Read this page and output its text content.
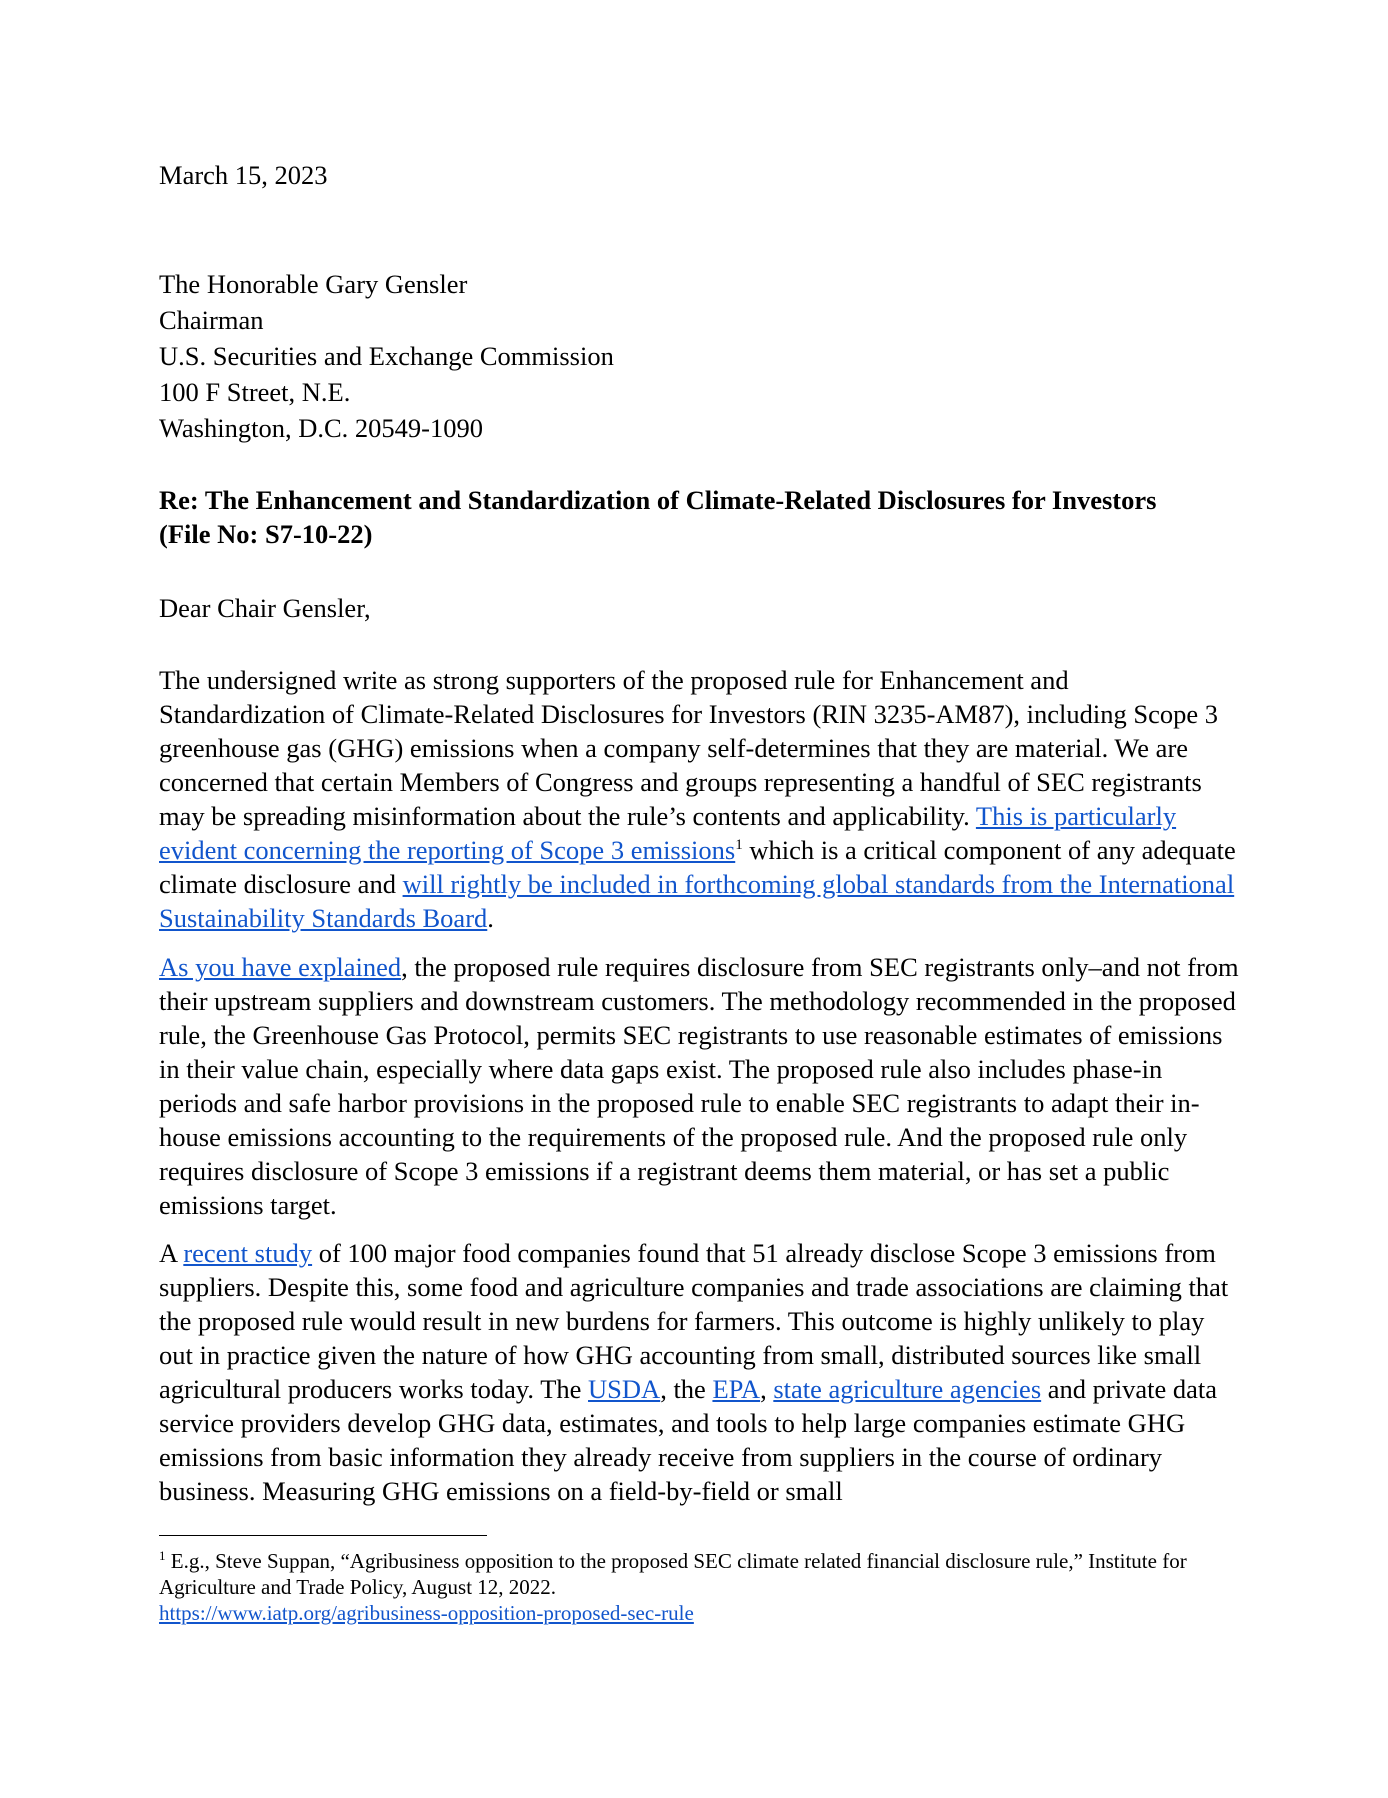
March 15, 2023
The Honorable Gary Gensler
Chairman
U.S. Securities and Exchange Commission
100 F Street, N.E.
Washington, D.C. 20549-1090
Re: The Enhancement and Standardization of Climate-Related Disclosures for Investors
(File No: S7-10-22)
Dear Chair Gensler,

The undersigned write as strong supporters of the proposed rule for Enhancement and Standardization of Climate-Related Disclosures for Investors (RIN 3235-AM87), including Scope 3 greenhouse gas (GHG) emissions when a company self-determines that they are material. We are concerned that certain Members of Congress and groups representing a handful of SEC registrants may be spreading misinformation about the rule’s contents and applicability. This is particularly evident concerning the reporting of Scope 3 emissions$^1$ which is a critical component of any adequate climate disclosure and will rightly be included in forthcoming global standards from the International Sustainability Standards Board.

As you have explained, the proposed rule requires disclosure from SEC registrants only–and not from their upstream suppliers and downstream customers. The methodology recommended in the proposed rule, the Greenhouse Gas Protocol, permits SEC registrants to use reasonable estimates of emissions in their value chain, especially where data gaps exist. The proposed rule also includes phase-in periods and safe harbor provisions in the proposed rule to enable SEC registrants to adapt their in-house emissions accounting to the requirements of the proposed rule. And the proposed rule only requires disclosure of Scope 3 emissions if a registrant deems them material, or has set a public emissions target.

A recent study of 100 major food companies found that 51 already disclose Scope 3 emissions from suppliers. Despite this, some food and agriculture companies and trade associations are claiming that the proposed rule would result in new burdens for farmers. This outcome is highly unlikely to play out in practice given the nature of how GHG accounting from small, distributed sources like small agricultural producers works today. The USDA, the EPA, state agriculture agencies and private data service providers develop GHG data, estimates, and tools to help large companies estimate GHG emissions from basic information they already receive from suppliers in the course of ordinary business. Measuring GHG emissions on a field-by-field or small

$^1$ E.g., Steve Suppan, “Agribusiness opposition to the proposed SEC climate related financial disclosure rule,” Institute for Agriculture and Trade Policy, August 12, 2022.
https://www.iatp.org/agribusiness-opposition-proposed-sec-rule
